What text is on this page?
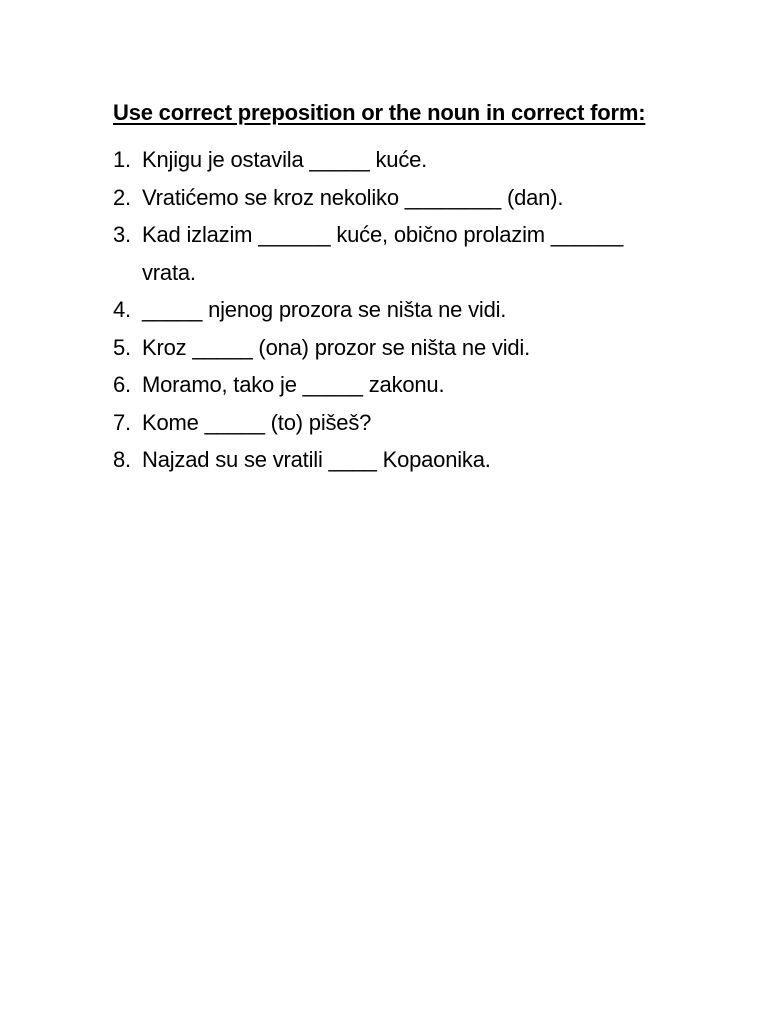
Use correct preposition or the noun in correct form:
1. Knjigu je ostavila _____ kuće.
2. Vratićemo se kroz nekoliko ________ (dan).
3. Kad izlazim ______ kuće, obično prolazim ______ vrata.
4. _____ njenog prozora se ništa ne vidi.
5. Kroz _____ (ona) prozor se ništa ne vidi.
6. Moramo, tako je _____ zakonu.
7. Kome _____ (to) pišeš?
8. Najzad su se vratili ____ Kopaonika.
